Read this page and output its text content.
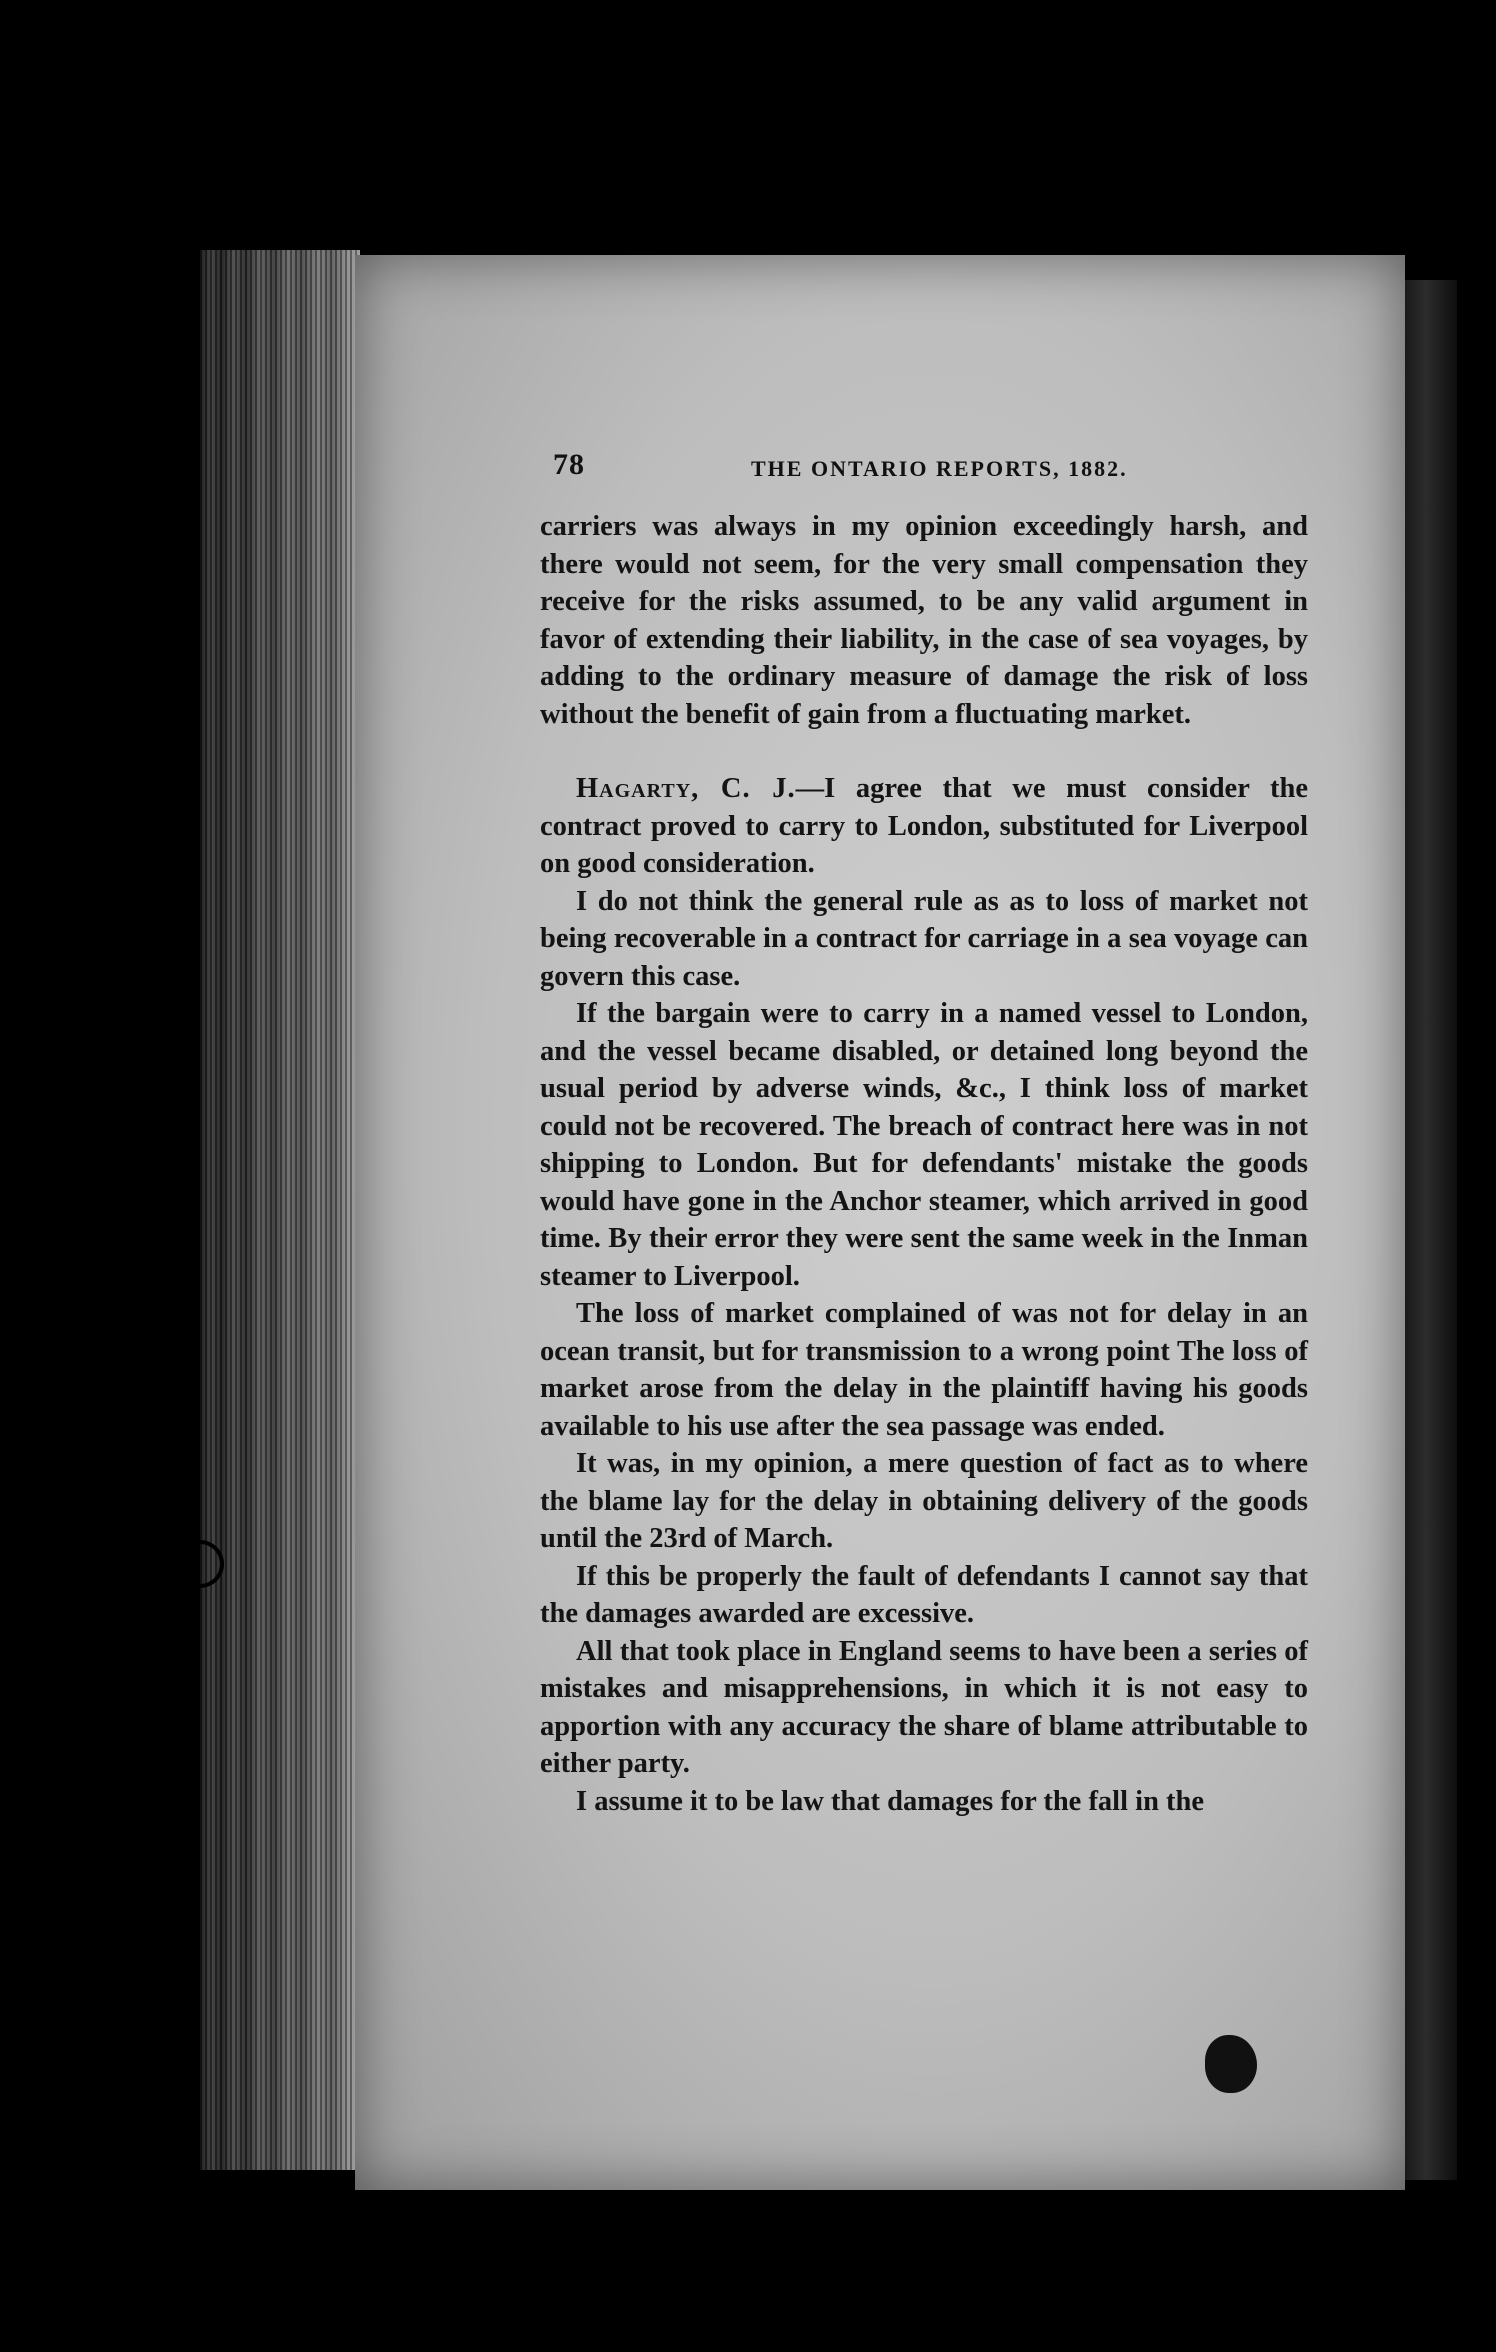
78	THE ONTARIO REPORTS, 1882.

carriers was always in my opinion exceedingly harsh, and there would not seem, for the very small compensation they receive for the risks assumed, to be any valid argument in favor of extending their liability, in the case of sea voyages, by adding to the ordinary measure of damage the risk of loss without the benefit of gain from a fluctuating market.

Hagarty, C. J.—I agree that we must consider the contract proved to carry to London, substituted for Liverpool on good consideration.

I do not think the general rule as as to loss of market not being recoverable in a contract for carriage in a sea voyage can govern this case.

If the bargain were to carry in a named vessel to London, and the vessel became disabled, or detained long beyond the usual period by adverse winds, &c., I think loss of market could not be recovered. The breach of contract here was in not shipping to London. But for defendants' mistake the goods would have gone in the Anchor steamer, which arrived in good time. By their error they were sent the same week in the Inman steamer to Liverpool.

The loss of market complained of was not for delay in an ocean transit, but for transmission to a wrong point The loss of market arose from the delay in the plaintiff having his goods available to his use after the sea passage was ended.

It was, in my opinion, a mere question of fact as to where the blame lay for the delay in obtaining delivery of the goods until the 23rd of March.

If this be properly the fault of defendants I cannot say that the damages awarded are excessive.

All that took place in England seems to have been a series of mistakes and misapprehensions, in which it is not easy to apportion with any accuracy the share of blame attributable to either party.

I assume it to be law that damages for the fall in the
